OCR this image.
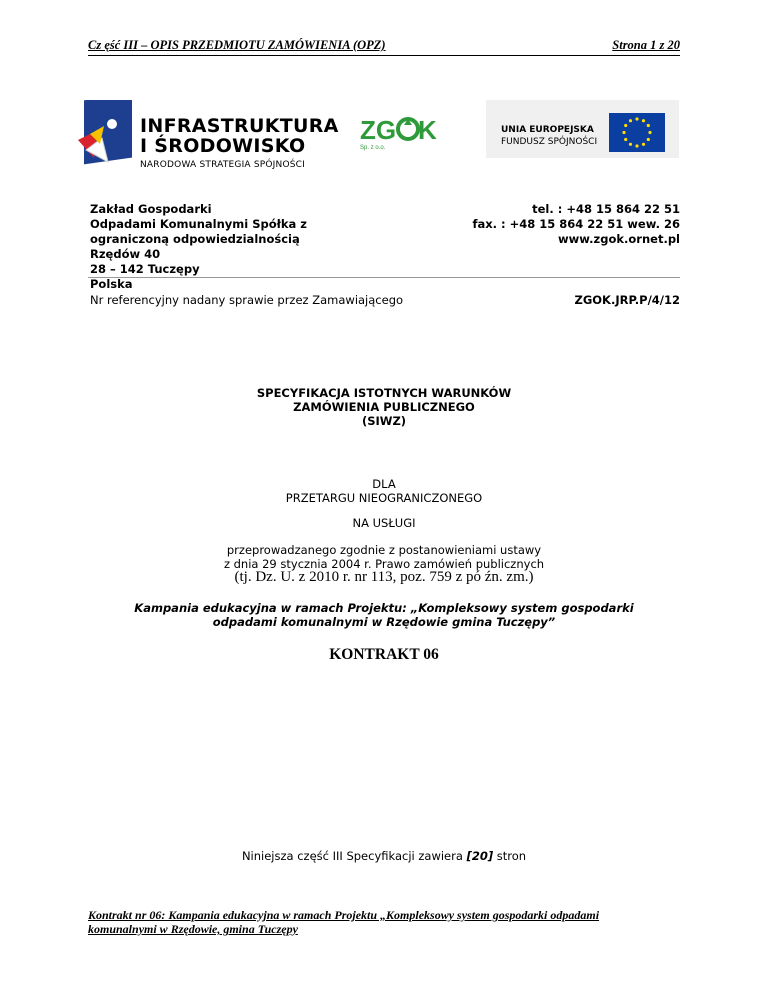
Cz ęść III – OPIS PRZEDMIOTU ZAMÓWIENIA (OPZ)	Strona 1 z 20
INFRASTRUKTURA
I ŚRODOWISKO
NARODOWA STRATEGIA SPÓJNOŚCI
ZG K
Sp. z o.o.
UNIA EUROPEJSKA
FUNDUSZ SPÓJNOŚCI
Zakład Gospodarki
Odpadami Komunalnymi Spółka z
ograniczoną odpowiedzialnością
Rzędów 40
28 – 142 Tuczępy
Polska
tel. : +48 15 864 22 51
fax. : +48 15 864 22 51 wew. 26
www.zgok.ornet.pl
Nr referencyjny nadany sprawie przez Zamawiającego	ZGOK.JRP.P/4/12
SPECYFIKACJA ISTOTNYCH WARUNKÓW
ZAMÓWIENIA PUBLICZNEGO
(SIWZ)
DLA
PRZETARGU NIEOGRANICZONEGO
NA USŁUGI
przeprowadzanego zgodnie z postanowieniami ustawy
z dnia 29 stycznia 2004 r. Prawo zamówień publicznych
(tj. Dz. U. z 2010 r. nr 113, poz. 759 z pó źn. zm.)
Kampania edukacyjna w ramach Projektu: „Kompleksowy system gospodarki
odpadami komunalnymi w Rzędowie gmina Tuczępy”
KONTRAKT 06
Niniejsza część III Specyfikacji zawiera [20] stron
Kontrakt nr 06: Kampania edukacyjna w ramach Projektu „Kompleksowy system gospodarki odpadami
komunalnymi w Rzędowie, gmina Tuczępy
